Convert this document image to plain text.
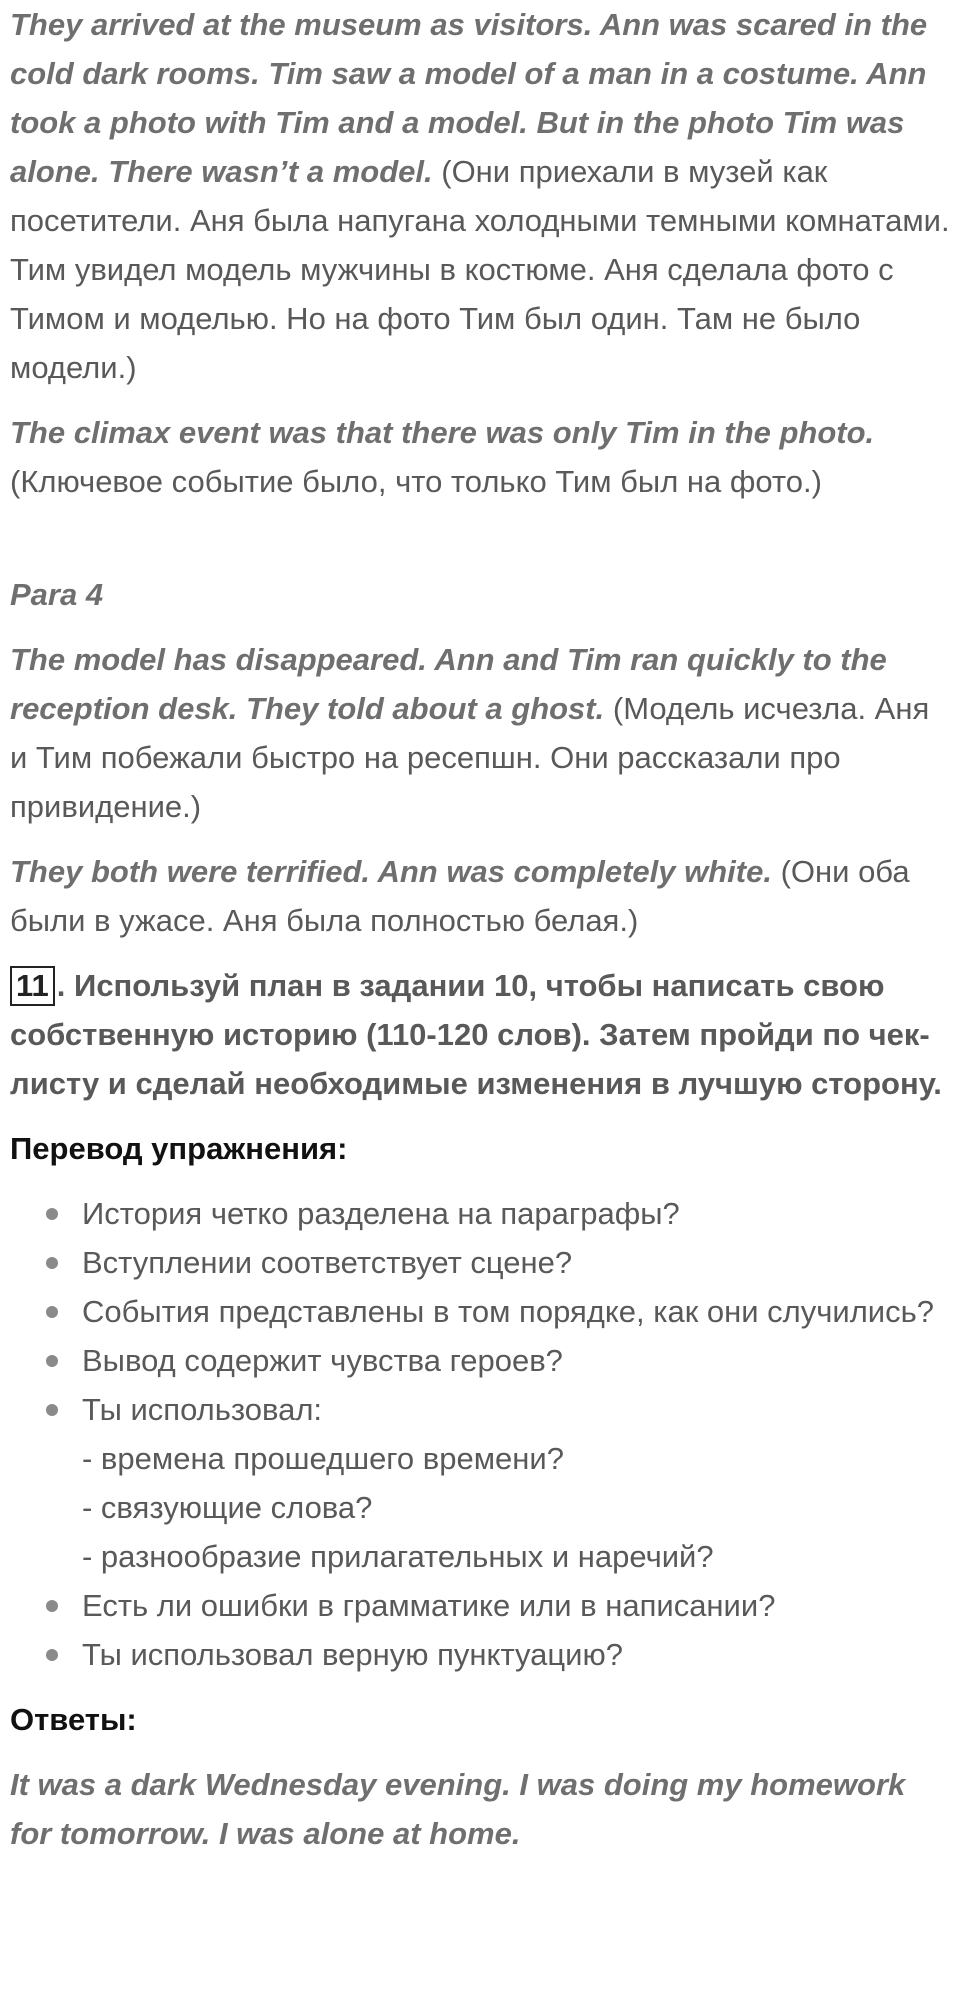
They arrived at the museum as visitors. Ann was scared in the cold dark rooms. Tim saw a model of a man in a costume. Ann took a photo with Tim and a model. But in the photo Tim was alone. There wasn’t a model. (Они приехали в музей как посетители. Аня была напугана холодными темными комнатами. Тим увидел модель мужчины в костюме. Аня сделала фото с Тимом и моделью. Но на фото Тим был один. Там не было модели.)

The climax event was that there was only Tim in the photo. (Ключевое событие было, что только Тим был на фото.)

Para 4

The model has disappeared. Ann and Tim ran quickly to the reception desk. They told about a ghost. (Модель исчезла. Аня и Тим побежали быстро на ресепшн. Они рассказали про привидение.)

They both were terrified. Ann was completely white. (Они оба были в ужасе. Аня была полностью белая.)

11 . Используй план в задании 10, чтобы написать свою собственную историю (110-120 слов). Затем пройди по чек-листу и сделай необходимые изменения в лучшую сторону.

Перевод упражнения:

История четко разделена на параграфы?
Вступлении соответствует сцене?
События представлены в том порядке, как они случились?
Вывод содержит чувства героев?
Ты использовал:
- времена прошедшего времени?
- связующие слова?
- разнообразие прилагательных и наречий?
Есть ли ошибки в грамматике или в написании?
Ты использовал верную пунктуацию?

Ответы:

It was a dark Wednesday evening. I was doing my homework for tomorrow. I was alone at home.
